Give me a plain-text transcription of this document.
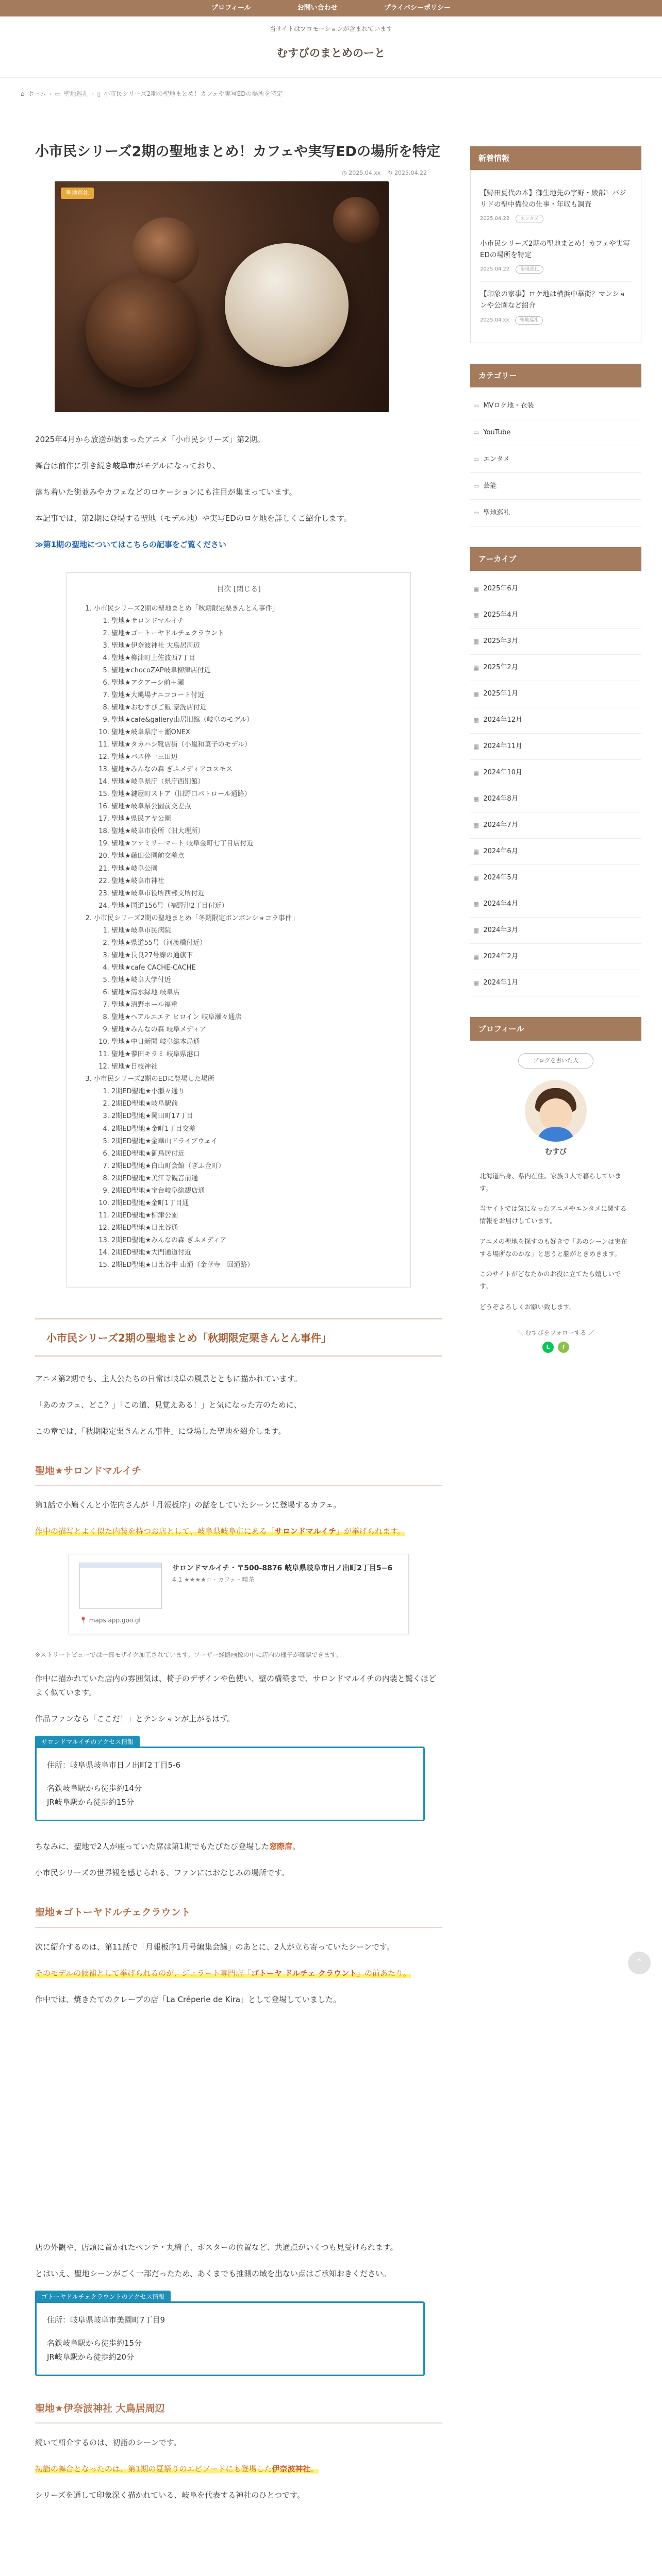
プロフィール	お問い合わせ	プライバシーポリシー
当サイトはプロモーションが含まれています
むすびのまとめのーと
⌂ ホーム › ▭ 聖地巡礼 › ▯ 小市民シリーズ2期の聖地まとめ！カフェや実写EDの場所を特定
小市民シリーズ2期の聖地まとめ！カフェや実写EDの場所を特定
◷ 2025.04.xx ↻ 2025.04.22
聖地巡礼

2025年4月から放送が始まったアニメ「小市民シリーズ」第2期。

舞台は前作に引き続き岐阜市がモデルになっており、

落ち着いた街並みやカフェなどのロケーションにも注目が集まっています。

本記事では、第2期に登場する聖地（モデル地）や実写EDのロケ地を詳しくご紹介します。

≫第1期の聖地についてはこちらの記事をご覧ください

目次 [閉じる]
1. 小市民シリーズ2期の聖地まとめ「秋期限定栗きんとん事件」
1. 聖地★サロンドマルイチ
2. 聖地★ゴートーヤドルチェクラウント
3. 聖地★伊奈波神社 大鳥居周辺
4. 聖地★柳津町上佐波西7丁目
5. 聖地★chocoZAP岐阜柳津店付近
6. 聖地★アクアーシ前＋瀬
7. 聖地★大縄場ナニココート付近
8. 聖地★おむすびご飯 豪洗店付近
9. 聖地★cafe&gallery山居旧館（岐阜のモデル）
10. 聖地★岐阜県庁＋瀬ONEX
11. 聖地★タカハシ靴店街（小嵐和菓子のモデル）
12. 聖地★バス停一三田辺
13. 聖地★みんなの森 ぎふメディアコスモス
14. 聖地★岐阜県庁（県庁西別館）
15. 聖地★鍵屋町ストア（旧野口パトロール通路）
16. 聖地★岐阜県公園前交差点
17. 聖地★県民アヤ公園
18. 聖地★岐阜市役所（旧大理所）
19. 聖地★ファミリーマート 岐阜金町七丁目店付近
20. 聖地★藤田公園前交差点
21. 聖地★岐阜公園
22. 聖地★岐阜市神社
23. 聖地★岐阜市役所西部支所付近
24. 聖地★国道156号（福野津2丁目付近）
2. 小市民シリーズ2期の聖地まとめ「冬期限定ボンボンショコラ事件」
1. 聖地★岐阜市民病院
2. 聖地★県道55号（河渡橋付近）
3. 聖地★長良27号線の通旗下
4. 聖地★cafe CACHE-CACHE
5. 聖地★岐阜大学付近
6. 聖地★清水緑地 岐阜店
7. 聖地★清野ホール福重
8. 聖地★ヘアルエエテ ヒロイン 岐阜瀬々通店
9. 聖地★みんなの森 岐阜メディア
10. 聖地★中日新聞 岐阜総本局通
11. 聖地★蓼田キラミ 岐阜県港口
12. 聖地★日枝神社
3. 小市民シリーズ2期のEDに登場した場所
1. 2期ED聖地★小瀬々通り
2. 2期ED聖地★岐阜駅前
3. 2期ED聖地★岡田町17丁目
4. 2期ED聖地★金町1丁目交差
5. 2期ED聖地★金華山ドライブウェイ
6. 2期ED聖地★御鳥居付近
7. 2期ED聖地★白山町会館（ぎふ金町）
8. 2期ED聖地★美江寺観音前通
9. 2期ED聖地★宝台岐阜総観店通
10. 2期ED聖地★金町1丁目通
11. 2期ED聖地★柳津公園
12. 2期ED聖地★日比谷通
13. 2期ED聖地★みんなの森 ぎふメディア
14. 2期ED聖地★大門通道付近
15. 2期ED聖地★日比谷中 山通（金華寺一回通路）
小市民シリーズ2期の聖地まとめ「秋期限定栗きんとん事件」

アニメ第2期でも、主人公たちの日常は岐阜の風景とともに描かれています。

「あのカフェ、どこ？」「この道、見覚えある！」と気になった方のために、

この章では、「秋期限定栗きんとん事件」に登場した聖地を紹介します。

聖地★サロンドマルイチ

第1話で小鳩くんと小佐内さんが「月報板序」の話をしていたシーンに登場するカフェ。

作中の描写とよく似た内装を持つお店として、岐阜県岐阜市にある「サロンドマルイチ」が挙げられます。

サロンドマルイチ・〒500-8876 岐阜県岐阜市日ノ出町2丁目5−6
4.1 ★★★★☆ · カフェ・喫茶
📍 maps.app.goo.gl
※ストリートビューでは一部モザイク加工されています。ソーザー経路画像の中に店内の様子が確認できます。

作中に描かれていた店内の雰囲気は、椅子のデザインや色使い、壁の構築まで、サロンドマルイチの内装と驚くほどよく似ています。

作品ファンなら「ここだ！」とテンションが上がるはず。

サロンドマルイチのアクセス情報

住所：岐阜県岐阜市日ノ出町2丁目5-6

名鉄岐阜駅から徒歩約14分

JR岐阜駅から徒歩約15分

ちなみに、聖地で2人が座っていた席は第1期でもたびたび登場した窓際席。

小市民シリーズの世界観を感じられる、ファンにはおなじみの場所です。

聖地★ゴトーヤドルチェクラウント

次に紹介するのは、第11話で「月報板序1月号編集会議」のあとに、2人が立ち寄っていたシーンです。

そのモデルの候補として挙げられるのが、ジェラート専門店「ゴトーヤ ドルチェ クラウント」の前あたり。

作中では、焼きたてのクレープの店「La Crêperie de Kira」として登場していました。

店の外観や、店頭に置かれたベンチ・丸椅子、ポスターの位置など、共通点がいくつも見受けられます。

とはいえ、聖地シーンがごく一部だったため、あくまでも推測の域を出ない点はご承知おきください。

ゴトーヤドルチェクラウントのアクセス情報

住所：岐阜県岐阜市美園町7丁目9

名鉄岐阜駅から徒歩約15分

JR岐阜駅から徒歩約20分

聖地★伊奈波神社 大鳥居周辺

続いて紹介するのは、初詣のシーンです。

初詣の舞台となったのは、第1期の夏祭りのエピソードにも登場した伊奈波神社。

シリーズを通して印象深く描かれている、岐阜を代表する神社のひとつです。

新着情報
【野田夏代の本】御生地先の宇野・綾部！バジリドの聖中備位の仕事・年収も調査
2025.04.22	エンタメ
小市民シリーズ2期の聖地まとめ！カフェや実写EDの場所を特定
2025.04.22	聖地巡礼
【印象の家事】ロケ地は横浜中華街？マンションや公園など紹介
2025.04.xx	聖地巡礼
カテゴリー
▭ MVロケ地・衣装
▭ YouTube
▭ エンタメ
▭ 芸能
▭ 聖地巡礼
アーカイブ
▦ 2025年6月
▦ 2025年4月
▦ 2025年3月
▦ 2025年2月
▦ 2025年1月
▦ 2024年12月
▦ 2024年11月
▦ 2024年10月
▦ 2024年8月
▦ 2024年7月
▦ 2024年6月
▦ 2024年5月
▦ 2024年4月
▦ 2024年3月
▦ 2024年2月
▦ 2024年1月
プロフィール
ブログを書いた人
むすび

北海道出身、県内在住。家族３人で暮らしています。

当サイトでは気になったアニメやエンタメに関する情報をお届けしています。

アニメの聖地を探すのも好きで「あのシーンは実在する場所なのかな」と思うと脳がときめきます。

このサイトがどなたかのお役に立てたら嬉しいです。

どうぞよろしくお願い致します。

＼ むすびをフォローする ／
L	f
⌃
